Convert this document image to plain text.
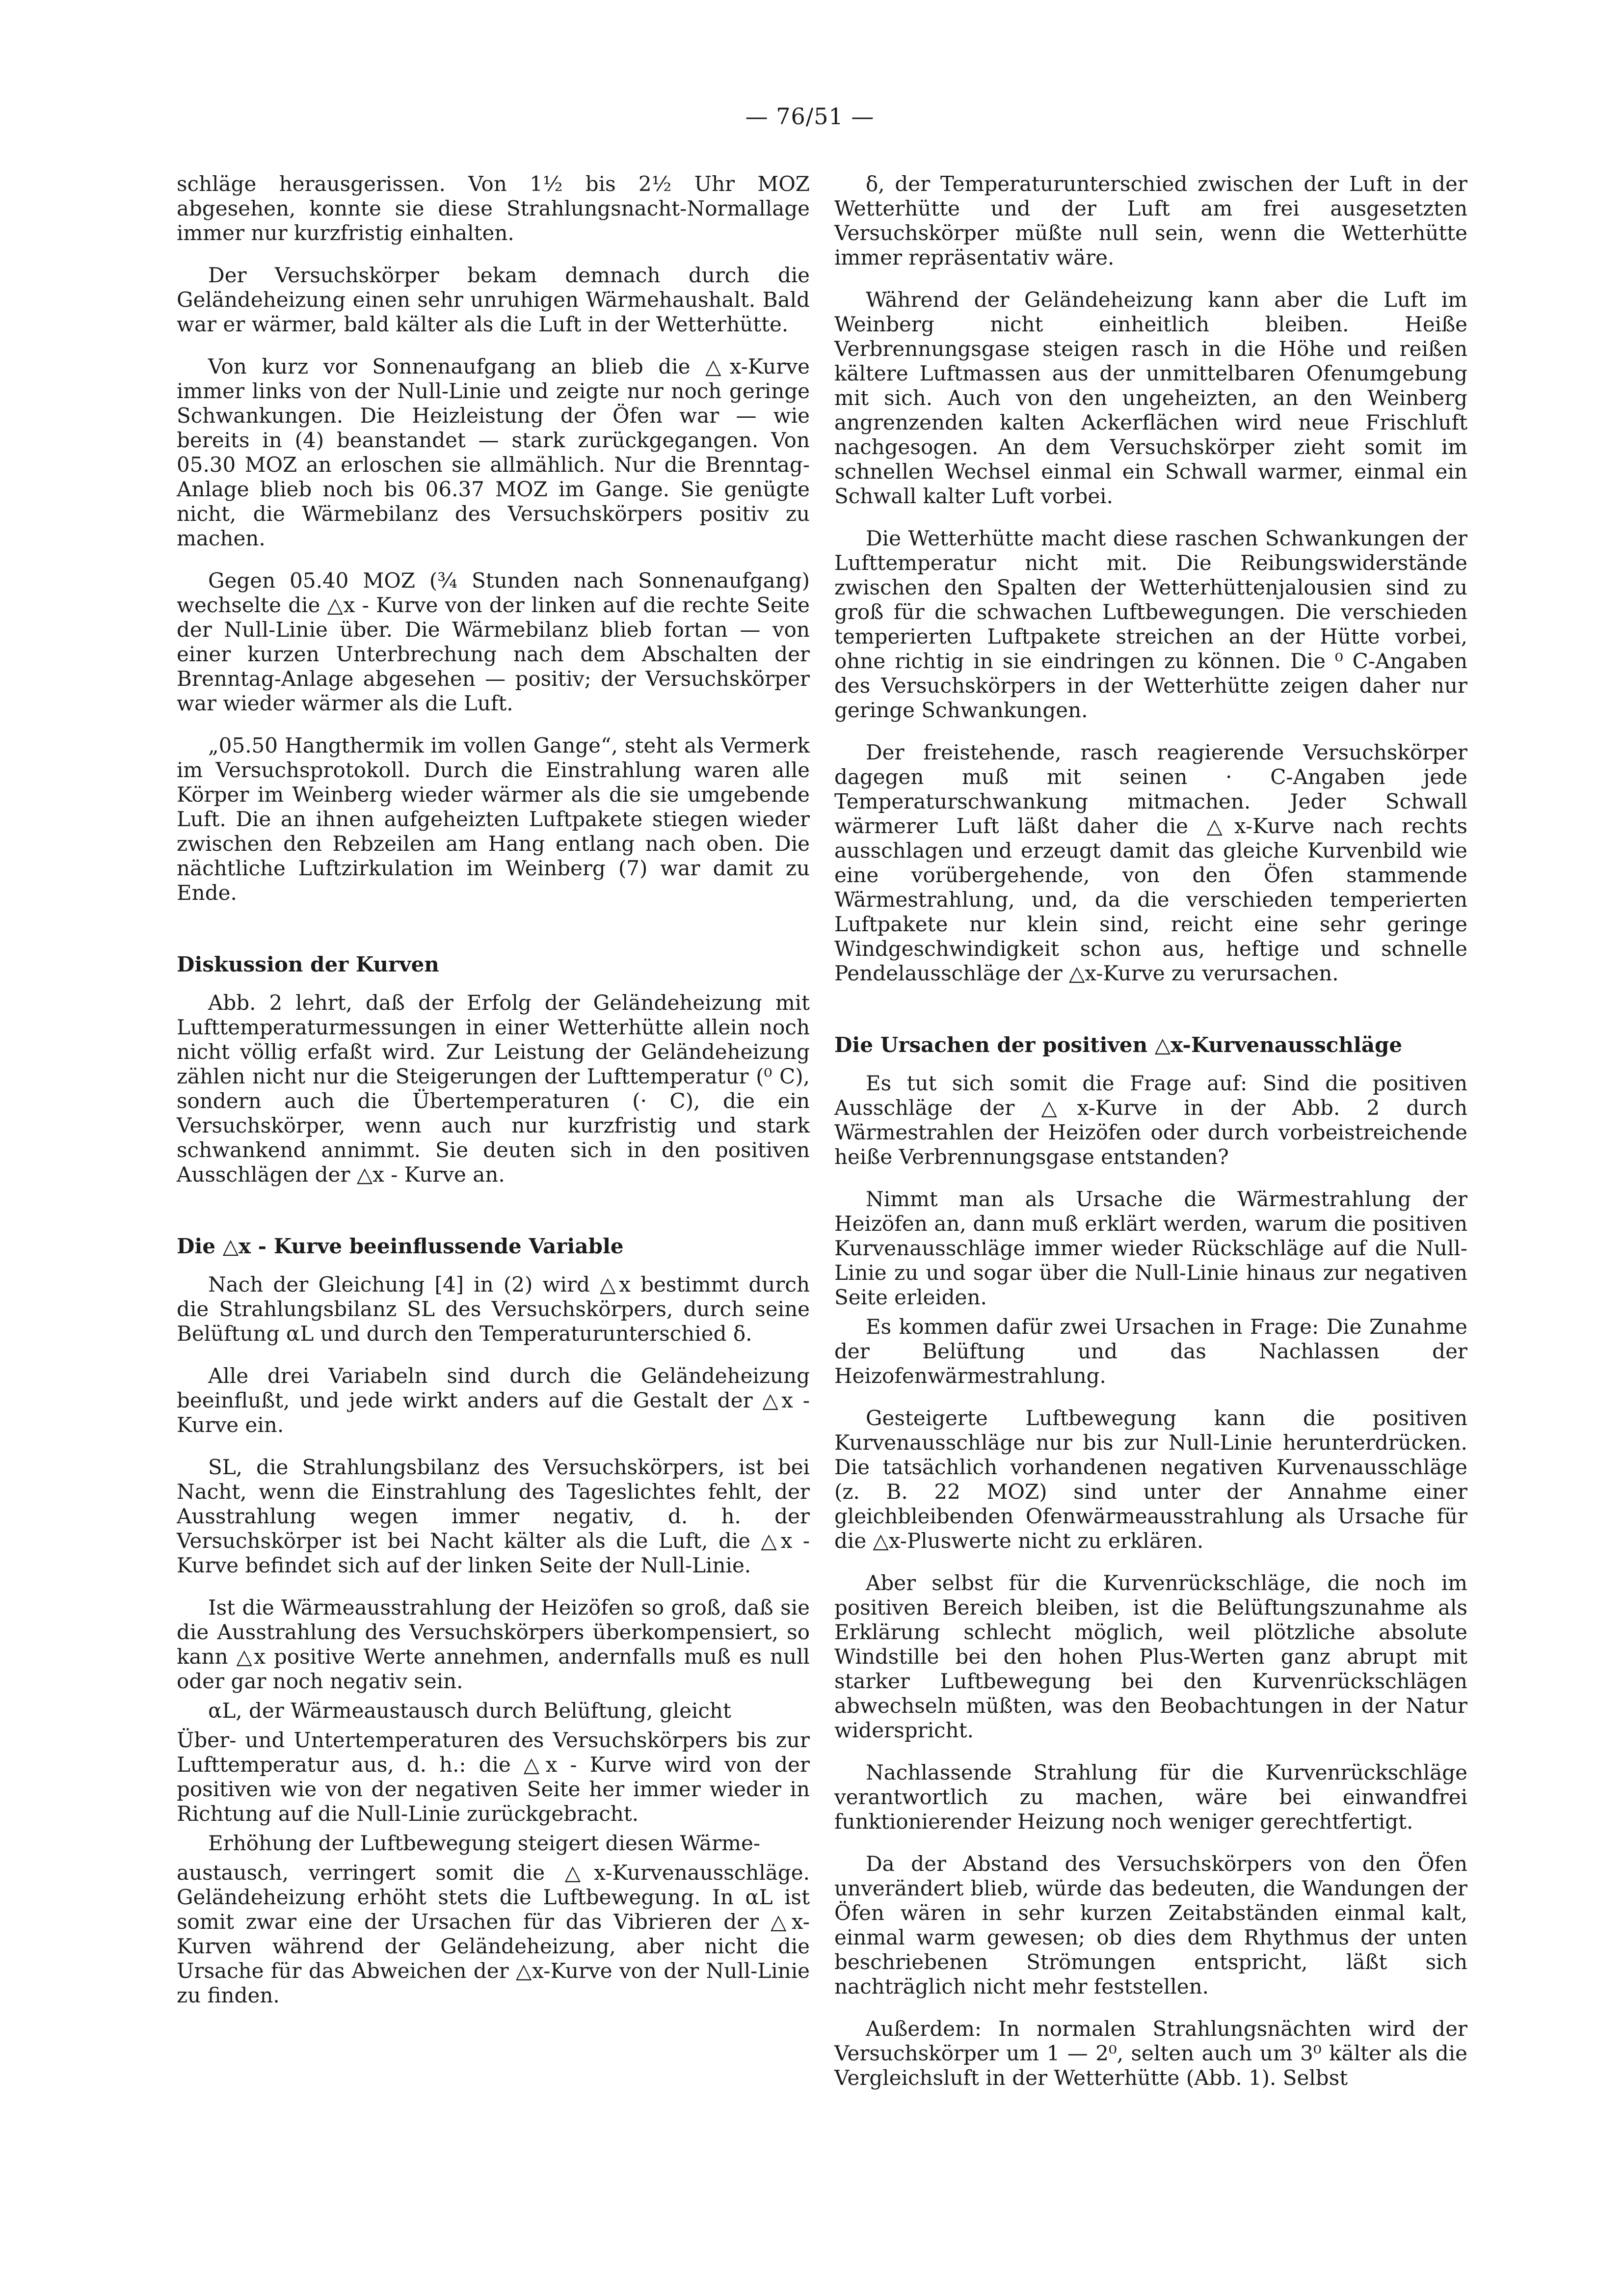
— 76/51 —

schläge herausgerissen. Von 1½ bis 2½ Uhr MOZ abgesehen, konnte sie diese Strahlungsnacht-Normallage immer nur kurzfristig einhalten.

Der Versuchskörper bekam demnach durch die Geländeheizung einen sehr unruhigen Wärmehaushalt. Bald war er wärmer, bald kälter als die Luft in der Wetterhütte.

Von kurz vor Sonnenaufgang an blieb die △x-Kurve immer links von der Null-Linie und zeigte nur noch geringe Schwankungen. Die Heizleistung der Öfen war — wie bereits in (4) beanstandet — stark zurückgegangen. Von 05.30 MOZ an erloschen sie allmählich. Nur die Brenntag-Anlage blieb noch bis 06.37 MOZ im Gange. Sie genügte nicht, die Wärmebilanz des Versuchskörpers positiv zu machen.

Gegen 05.40 MOZ (¾ Stunden nach Sonnenaufgang) wechselte die △x - Kurve von der linken auf die rechte Seite der Null-Linie über. Die Wärmebilanz blieb fortan — von einer kurzen Unterbrechung nach dem Abschalten der Brenntag-Anlage abgesehen — positiv; der Versuchskörper war wieder wärmer als die Luft.

„05.50 Hangthermik im vollen Gange“, steht als Vermerk im Versuchsprotokoll. Durch die Einstrahlung waren alle Körper im Weinberg wieder wärmer als die sie umgebende Luft. Die an ihnen aufgeheizten Luftpakete stiegen wieder zwischen den Rebzeilen am Hang entlang nach oben. Die nächtliche Luftzirkulation im Weinberg (7) war damit zu Ende.

Diskussion der Kurven

Abb. 2 lehrt, daß der Erfolg der Geländeheizung mit Lufttemperaturmessungen in einer Wetterhütte allein noch nicht völlig erfaßt wird. Zur Leistung der Geländeheizung zählen nicht nur die Steigerungen der Lufttemperatur (⁰ C), sondern auch die Übertemperaturen (· C), die ein Versuchskörper, wenn auch nur kurzfristig und stark schwankend annimmt. Sie deuten sich in den positiven Ausschlägen der △x - Kurve an.

Die △x - Kurve beeinflussende Variable

Nach der Gleichung [4] in (2) wird △x bestimmt durch die Strahlungsbilanz SL des Versuchskörpers, durch seine Belüftung αL und durch den Temperaturunterschied δ.

Alle drei Variabeln sind durch die Geländeheizung beeinflußt, und jede wirkt anders auf die Gestalt der △x - Kurve ein.

SL, die Strahlungsbilanz des Versuchskörpers, ist bei Nacht, wenn die Einstrahlung des Tageslichtes fehlt, der Ausstrahlung wegen immer negativ, d. h. der Versuchskörper ist bei Nacht kälter als die Luft, die △x - Kurve befindet sich auf der linken Seite der Null-Linie.

Ist die Wärmeausstrahlung der Heizöfen so groß, daß sie die Ausstrahlung des Versuchskörpers überkompensiert, so kann △x positive Werte annehmen, andernfalls muß es null oder gar noch negativ sein.

αL, der Wärmeaustausch durch Belüftung, gleicht

Über- und Untertemperaturen des Versuchskörpers bis zur Lufttemperatur aus, d. h.: die △x - Kurve wird von der positiven wie von der negativen Seite her immer wieder in Richtung auf die Null-Linie zurückgebracht.

Erhöhung der Luftbewegung steigert diesen Wärme-

austausch, verringert somit die △x-Kurvenausschläge. Geländeheizung erhöht stets die Luftbewegung. In αL ist somit zwar eine der Ursachen für das Vibrieren der △x-Kurven während der Geländeheizung, aber nicht die Ursache für das Abweichen der △x-Kurve von der Null-Linie zu finden.

δ, der Temperaturunterschied zwischen der Luft in der Wetterhütte und der Luft am frei ausgesetzten Versuchskörper müßte null sein, wenn die Wetterhütte immer repräsentativ wäre.

Während der Geländeheizung kann aber die Luft im Weinberg nicht einheitlich bleiben. Heiße Verbrennungsgase steigen rasch in die Höhe und reißen kältere Luftmassen aus der unmittelbaren Ofenumgebung mit sich. Auch von den ungeheizten, an den Weinberg angrenzenden kalten Ackerflächen wird neue Frischluft nachgesogen. An dem Versuchskörper zieht somit im schnellen Wechsel einmal ein Schwall warmer, einmal ein Schwall kalter Luft vorbei.

Die Wetterhütte macht diese raschen Schwankungen der Lufttemperatur nicht mit. Die Reibungswiderstände zwischen den Spalten der Wetterhüttenjalousien sind zu groß für die schwachen Luftbewegungen. Die verschieden temperierten Luftpakete streichen an der Hütte vorbei, ohne richtig in sie eindringen zu können. Die ⁰ C-Angaben des Versuchskörpers in der Wetterhütte zeigen daher nur geringe Schwankungen.

Der freistehende, rasch reagierende Versuchskörper dagegen muß mit seinen · C-Angaben jede Temperaturschwankung mitmachen. Jeder Schwall wärmerer Luft läßt daher die △x-Kurve nach rechts ausschlagen und erzeugt damit das gleiche Kurvenbild wie eine vorübergehende, von den Öfen stammende Wärmestrahlung, und, da die verschieden temperierten Luftpakete nur klein sind, reicht eine sehr geringe Windgeschwindigkeit schon aus, heftige und schnelle Pendelausschläge der △x-Kurve zu verursachen.

Die Ursachen der positiven △x-Kurvenausschläge

Es tut sich somit die Frage auf: Sind die positiven Ausschläge der △x-Kurve in der Abb. 2 durch Wärmestrahlen der Heizöfen oder durch vorbeistreichende heiße Verbrennungsgase entstanden?

Nimmt man als Ursache die Wärmestrahlung der Heizöfen an, dann muß erklärt werden, warum die positiven Kurvenausschläge immer wieder Rückschläge auf die Null-Linie zu und sogar über die Null-Linie hinaus zur negativen Seite erleiden.

Es kommen dafür zwei Ursachen in Frage: Die Zunahme der Belüftung und das Nachlassen der Heizofenwärmestrahlung.

Gesteigerte Luftbewegung kann die positiven Kurvenausschläge nur bis zur Null-Linie herunterdrücken. Die tatsächlich vorhandenen negativen Kurvenausschläge (z. B. 22 MOZ) sind unter der Annahme einer gleichbleibenden Ofenwärmeausstrahlung als Ursache für die △x-Pluswerte nicht zu erklären.

Aber selbst für die Kurvenrückschläge, die noch im positiven Bereich bleiben, ist die Belüftungszunahme als Erklärung schlecht möglich, weil plötzliche absolute Windstille bei den hohen Plus-Werten ganz abrupt mit starker Luftbewegung bei den Kurvenrückschlägen abwechseln müßten, was den Beobachtungen in der Natur widerspricht.

Nachlassende Strahlung für die Kurvenrückschläge verantwortlich zu machen, wäre bei einwandfrei funktionierender Heizung noch weniger gerechtfertigt.

Da der Abstand des Versuchskörpers von den Öfen unverändert blieb, würde das bedeuten, die Wandungen der Öfen wären in sehr kurzen Zeitabständen einmal kalt, einmal warm gewesen; ob dies dem Rhythmus der unten beschriebenen Strömungen entspricht, läßt sich nachträglich nicht mehr feststellen.

Außerdem: In normalen Strahlungsnächten wird der Versuchskörper um 1 — 2⁰, selten auch um 3⁰ kälter als die Vergleichsluft in der Wetterhütte (Abb. 1). Selbst
